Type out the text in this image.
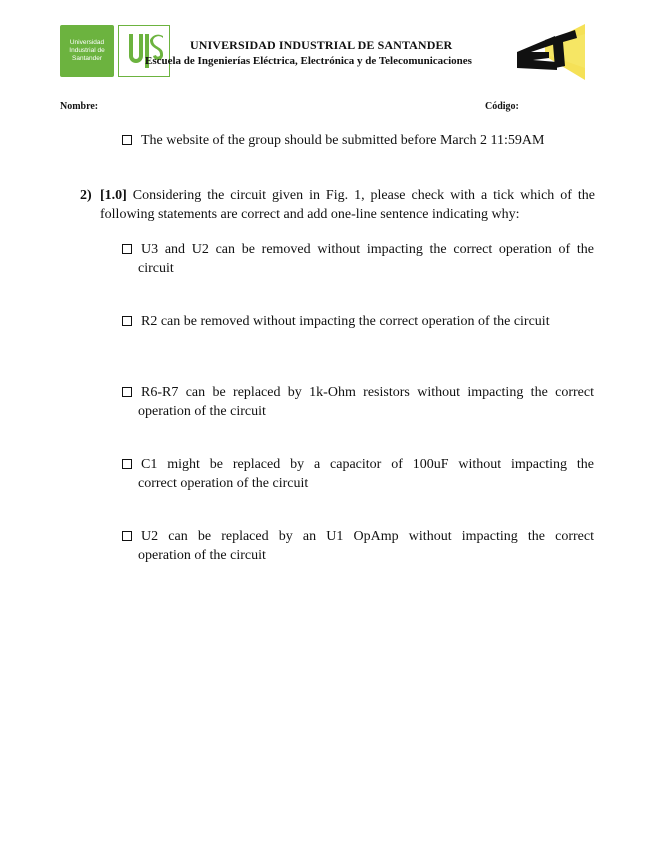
Universidad
Industrial de
Santander
UNIVERSIDAD INDUSTRIAL DE SANTANDER
Escuela de Ingenierías Eléctrica, Electrónica y de Telecomunicaciones
Nombre:	Código:
The website of the group should be submitted before March 2 11:59AM
2) [1.0] Considering the circuit given in Fig. 1, please check with a tick which of the following statements are correct and add one-line sentence indicating why:
U3 and U2 can be removed without impacting the correct operation of the
circuit
R2 can be removed without impacting the correct operation of the circuit
R6-R7 can be replaced by 1k-Ohm resistors without impacting the correct
operation of the circuit
C1 might be replaced by a capacitor of 100uF without impacting the
correct operation of the circuit
U2 can be replaced by an U1 OpAmp without impacting the correct
operation of the circuit
